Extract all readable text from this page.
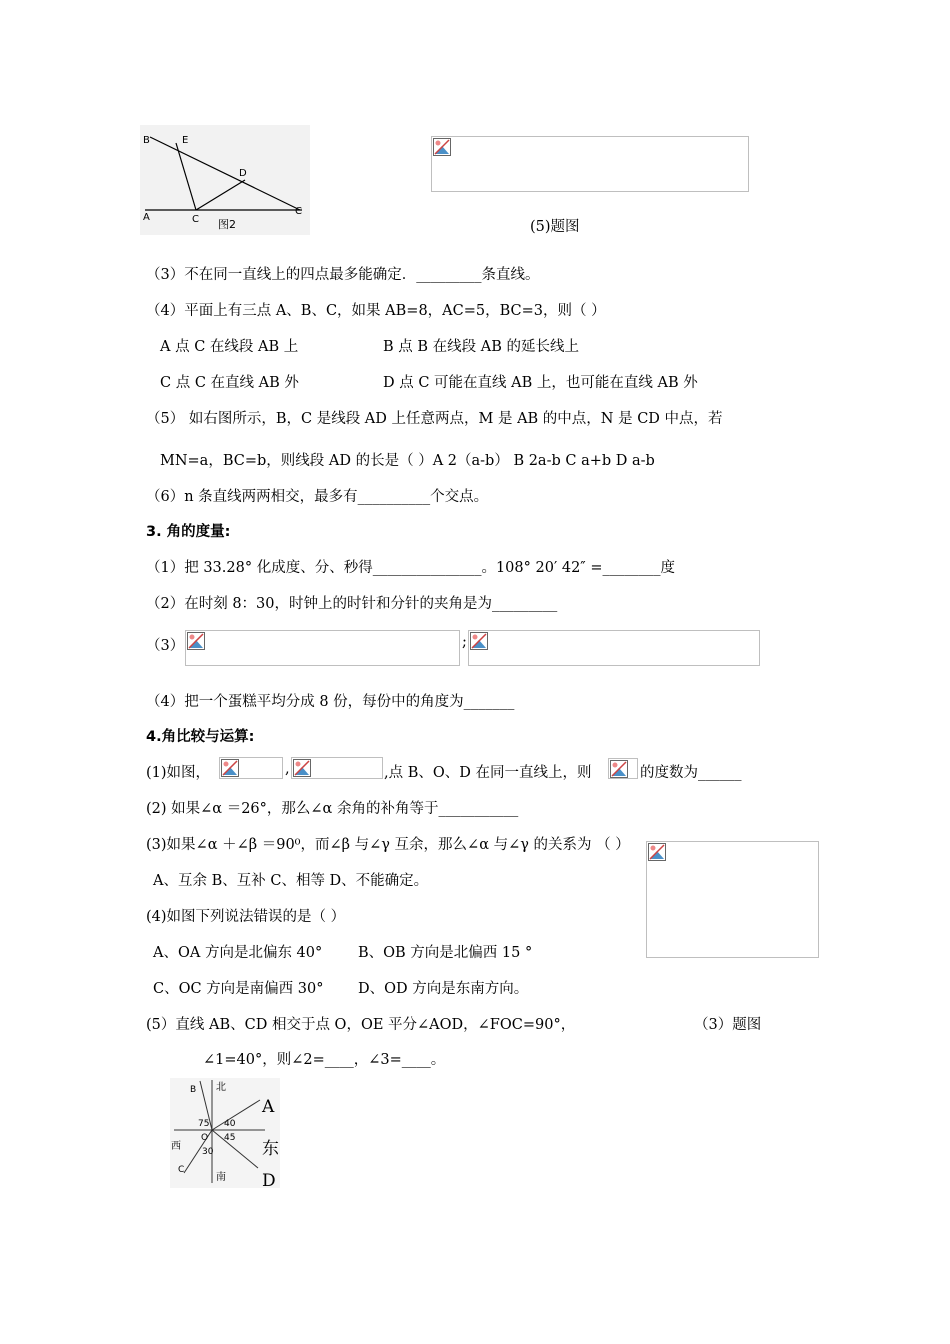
B	E
D
A	C
C
图2	(5)题图
（3）不在同一直线上的四点最多能确定．_________条直线。
（4）平面上有三点 A、B、C，如果 AB=8，AC=5，BC=3，则（ ）
A 点 C 在线段 AB 上	B 点 B 在线段 AB 的延长线上
C 点 C 在直线 AB 外	D 点 C 可能在直线 AB 上，也可能在直线 AB 外
（5） 如右图所示，B，C 是线段 AD 上任意两点，M 是 AB 的中点，N 是 CD 中点，若
MN=a，BC=b，则线段 AD 的长是（ ）A 2（a-b） B 2a-b C a+b D a-b
（6）n 条直线两两相交，最多有__________个交点。
3. 角的度量:
（1）把 33.28° 化成度、分、秒得_______________。108° 20′ 42″ =________度
（2）在时刻 8：30，时钟上的时针和分针的夹角是为_________
（3）	;
（4）把一个蛋糕平均分成 8 份，每份中的角度为_______
4.角比较与运算:
(1)如图，	,	,点 B、O、D 在同一直线上，则	的度数为______
(2) 如果∠α ＝26°，那么∠α 余角的补角等于___________
(3)如果∠α ＋∠β ＝90⁰，而∠β 与∠γ 互余，那么∠α 与∠γ 的关系为 （ ）
A、互余 B、互补 C、相等 D、不能确定。
(4)如图下列说法错误的是（ ）
A、OA 方向是北偏东 40° B、OB 方向是北偏西 15 °
C、OC 方向是南偏西 30° D、OD 方向是东南方向。
(5）直线 AB、CD 相交于点 O，OE 平分∠AOD，∠FOC=90°，	（3）题图
∠1=40°，则∠2=____，∠3=____。
北
B
75 40
45
O
30
西
C
南
A
东
D
